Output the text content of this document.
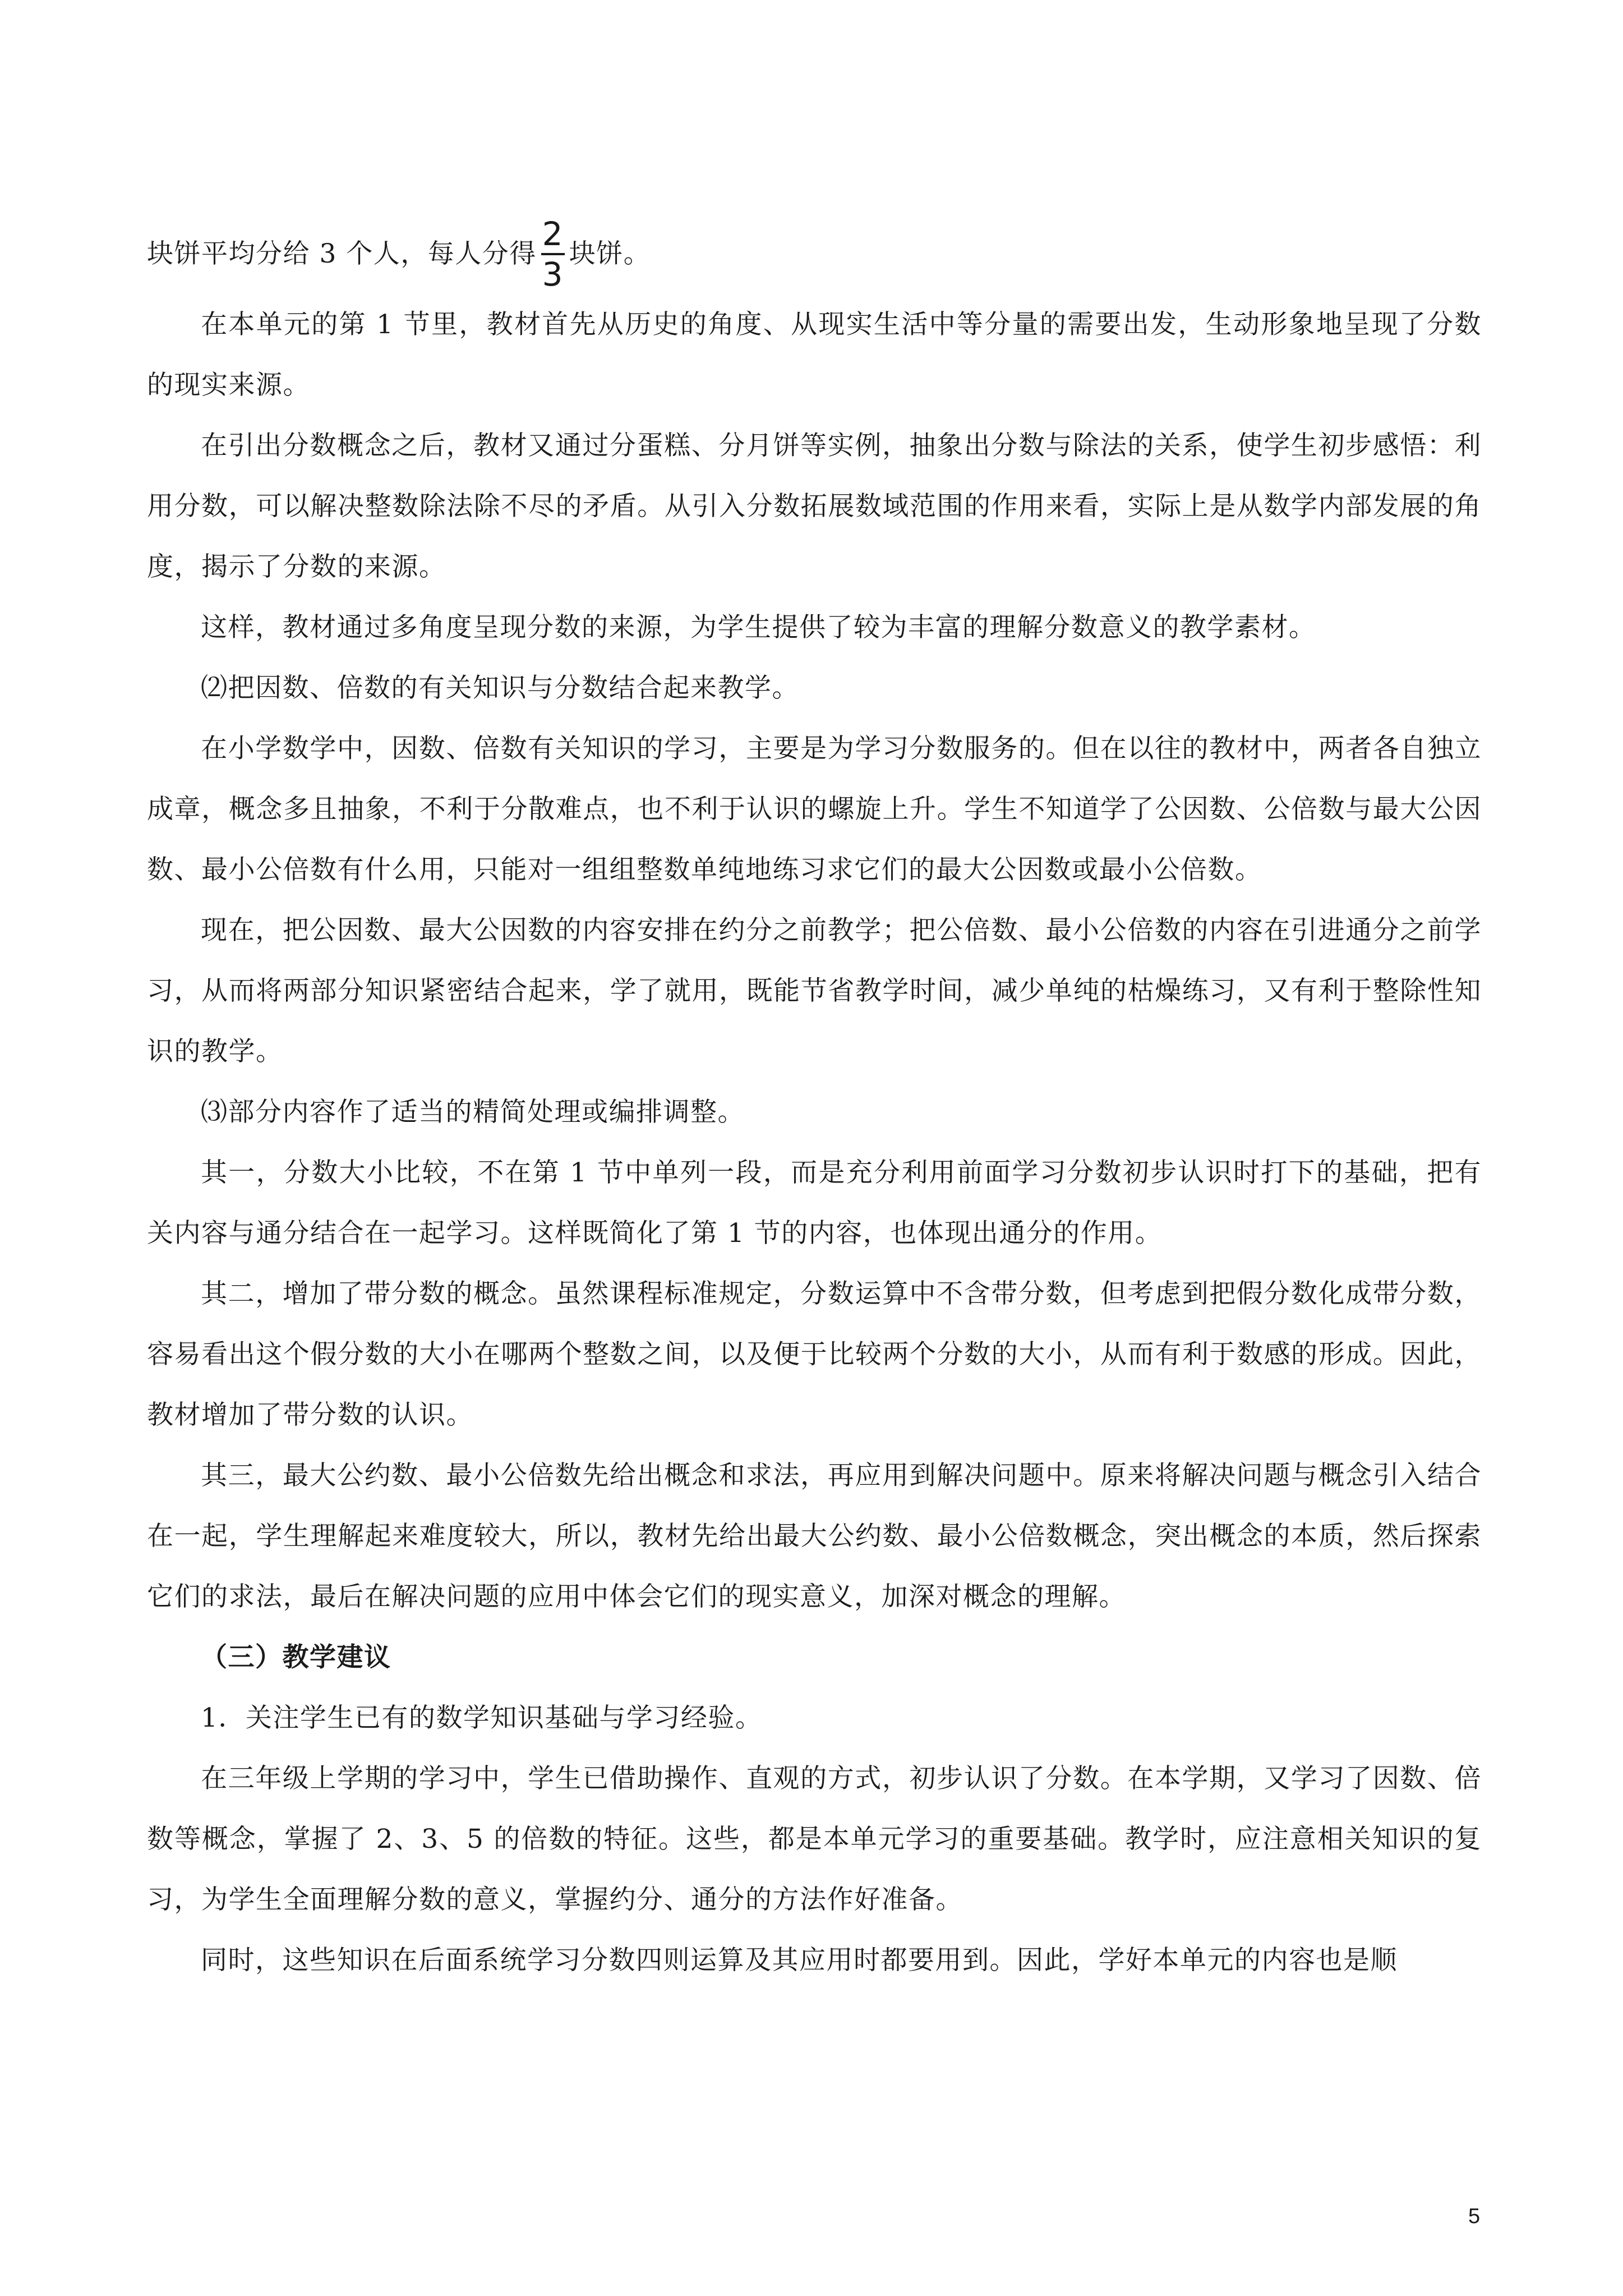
块饼平均分给 3 个人，每人分得 $\frac{2}{3}$ 块饼。

在本单元的第 1 节里，教材首先从历史的角度、从现实生活中等分量的需要出发，生动形象地呈现了分数的现实来源。

在引出分数概念之后，教材又通过分蛋糕、分月饼等实例，抽象出分数与除法的关系，使学生初步感悟：利用分数，可以解决整数除法除不尽的矛盾。从引入分数拓展数域范围的作用来看，实际上是从数学内部发展的角度，揭示了分数的来源。

这样，教材通过多角度呈现分数的来源，为学生提供了较为丰富的理解分数意义的教学素材。

⑵把因数、倍数的有关知识与分数结合起来教学。

在小学数学中，因数、倍数有关知识的学习，主要是为学习分数服务的。但在以往的教材中，两者各自独立成章，概念多且抽象，不利于分散难点，也不利于认识的螺旋上升。学生不知道学了公因数、公倍数与最大公因数、最小公倍数有什么用，只能对一组组整数单纯地练习求它们的最大公因数或最小公倍数。

现在，把公因数、最大公因数的内容安排在约分之前教学；把公倍数、最小公倍数的内容在引进通分之前学习，从而将两部分知识紧密结合起来，学了就用，既能节省教学时间，减少单纯的枯燥练习，又有利于整除性知识的教学。

⑶部分内容作了适当的精简处理或编排调整。

其一，分数大小比较，不在第 1 节中单列一段，而是充分利用前面学习分数初步认识时打下的基础，把有关内容与通分结合在一起学习。这样既简化了第 1 节的内容，也体现出通分的作用。

其二，增加了带分数的概念。虽然课程标准规定，分数运算中不含带分数，但考虑到把假分数化成带分数，容易看出这个假分数的大小在哪两个整数之间，以及便于比较两个分数的大小，从而有利于数感的形成。因此，教材增加了带分数的认识。

其三，最大公约数、最小公倍数先给出概念和求法，再应用到解决问题中。原来将解决问题与概念引入结合在一起，学生理解起来难度较大，所以，教材先给出最大公约数、最小公倍数概念，突出概念的本质，然后探索它们的求法，最后在解决问题的应用中体会它们的现实意义，加深对概念的理解。

（三）教学建议

1．关注学生已有的数学知识基础与学习经验。

在三年级上学期的学习中，学生已借助操作、直观的方式，初步认识了分数。在本学期，又学习了因数、倍数等概念，掌握了 2、3、5 的倍数的特征。这些，都是本单元学习的重要基础。教学时，应注意相关知识的复习，为学生全面理解分数的意义，掌握约分、通分的方法作好准备。

同时，这些知识在后面系统学习分数四则运算及其应用时都要用到。因此，学好本单元的内容也是顺

5
